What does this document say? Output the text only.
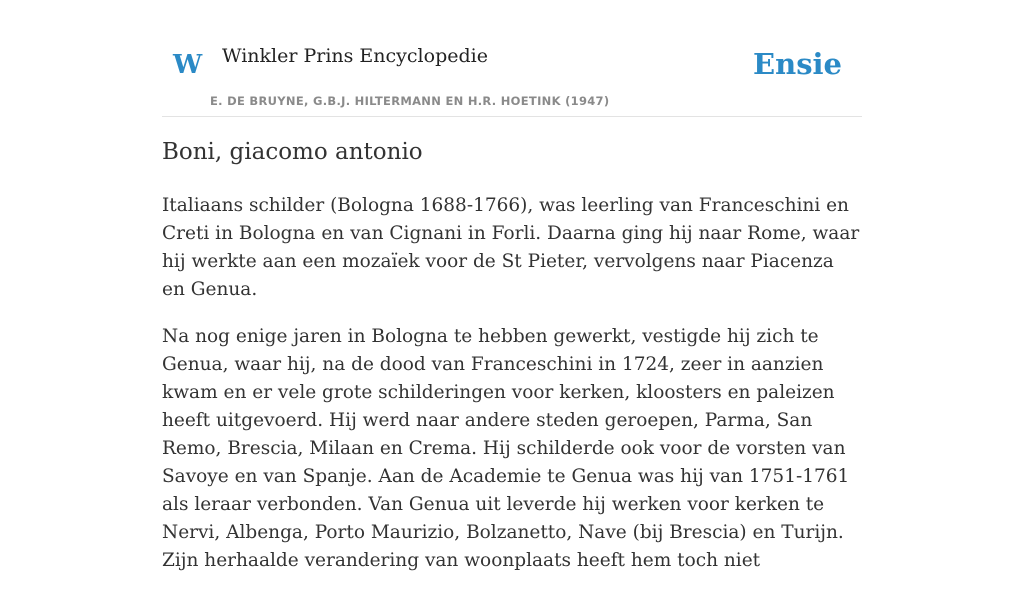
W Winkler Prins Encyclopedie
E. DE BRUYNE, G.B.J. HILTERMANN EN H.R. HOETINK (1947)
Ensie
Boni, giacomo antonio

Italiaans schilder (Bologna 1688-1766), was leerling van Franceschini en Creti in Bologna en van Cignani in Forli. Daarna ging hij naar Rome, waar hij werkte aan een mozaïek voor de St Pieter, vervolgens naar Piacenza en Genua.

Na nog enige jaren in Bologna te hebben gewerkt, vestigde hij zich te Genua, waar hij, na de dood van Franceschini in 1724, zeer in aanzien kwam en er vele grote schilderingen voor kerken, kloosters en paleizen heeft uitgevoerd. Hij werd naar andere steden geroepen, Parma, San Remo, Brescia, Milaan en Crema. Hij schilderde ook voor de vorsten van Savoye en van Spanje. Aan de Academie te Genua was hij van 1751-1761 als leraar verbonden. Van Genua uit leverde hij werken voor kerken te Nervi, Albenga, Porto Maurizio, Bolzanetto, Nave (bij Brescia) en Turijn. Zijn herhaalde verandering van woonplaats heeft hem toch niet
